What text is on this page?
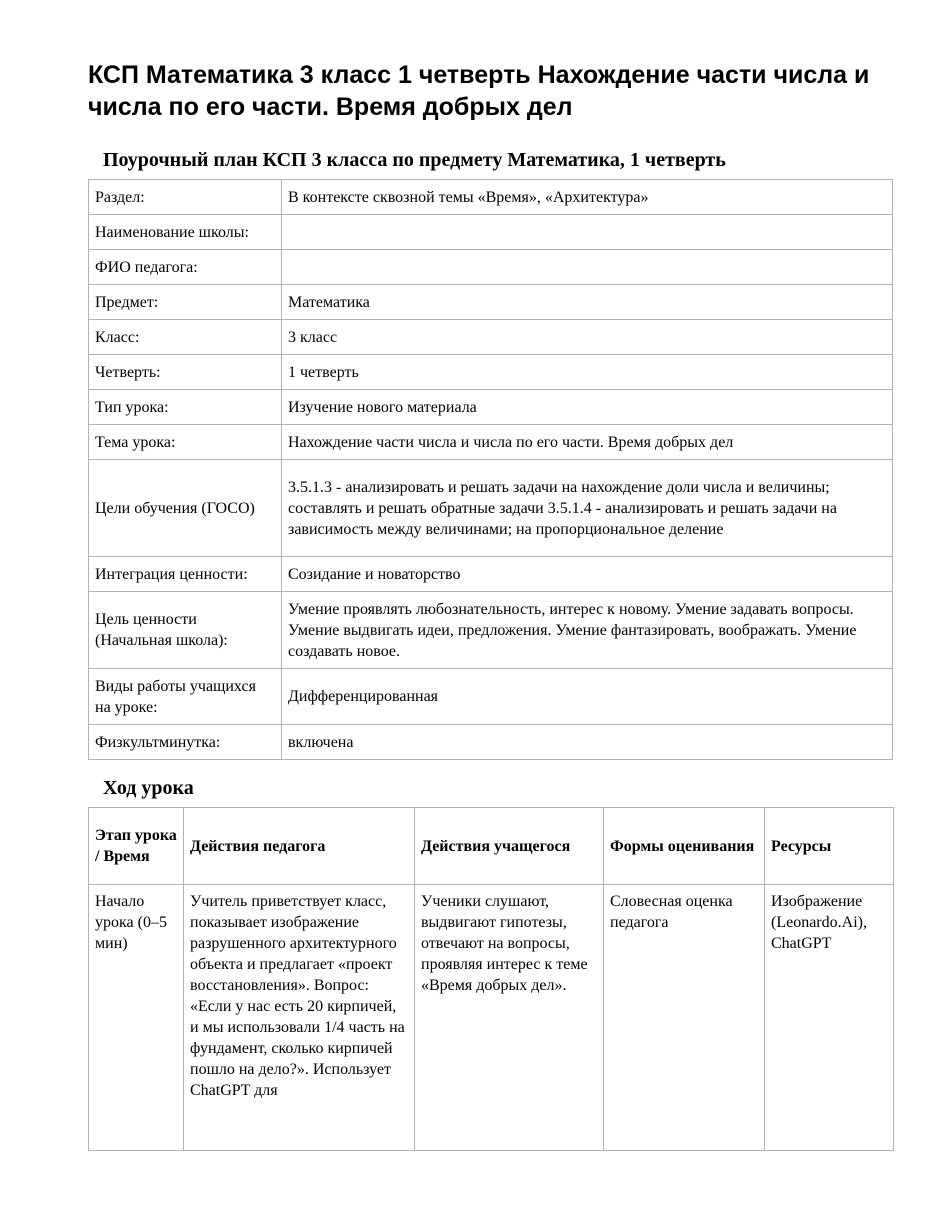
КСП Математика 3 класс 1 четверть Нахождение части числа и числа по его части. Время добрых дел
Поурочный план КСП 3 класса по предмету Математика, 1 четверть
Раздел:	В контексте сквозной темы «Время», «Архитектура»
Наименование школы:	
ФИО педагога:	
Предмет:	Математика
Класс:	3 класс
Четверть:	1 четверть
Тип урока:	Изучение нового материала
Тема урока:	Нахождение части числа и числа по его части. Время добрых дел
Цели обучения (ГОСО)	3.5.1.3 - анализировать и решать задачи на нахождение доли числа и величины; составлять и решать обратные задачи 3.5.1.4 - анализировать и решать задачи на зависимость между величинами; на пропорциональное деление
Интеграция ценности:	Созидание и новаторство
Цель ценности (Начальная школа):	Умение проявлять любознательность, интерес к новому. Умение задавать вопросы. Умение выдвигать идеи, предложения. Умение фантазировать, воображать. Умение создавать новое.
Виды работы учащихся на уроке:	Дифференцированная
Физкультминутка:	включена
Ход урока
Этап урока / Время	Действия педагога	Действия учащегося	Формы оценивания	Ресурсы
Начало урока (0–5 мин)	Учитель приветствует класс, показывает изображение разрушенного архитектурного объекта и предлагает «проект восстановления». Вопрос: «Если у нас есть 20 кирпичей, и мы использовали 1/4 часть на фундамент, сколько кирпичей пошло на дело?». Использует ChatGPT для	Ученики слушают, выдвигают гипотезы, отвечают на вопросы, проявляя интерес к теме «Время добрых дел».	Словесная оценка педагога	Изображение (Leonardo.Ai), ChatGPT
